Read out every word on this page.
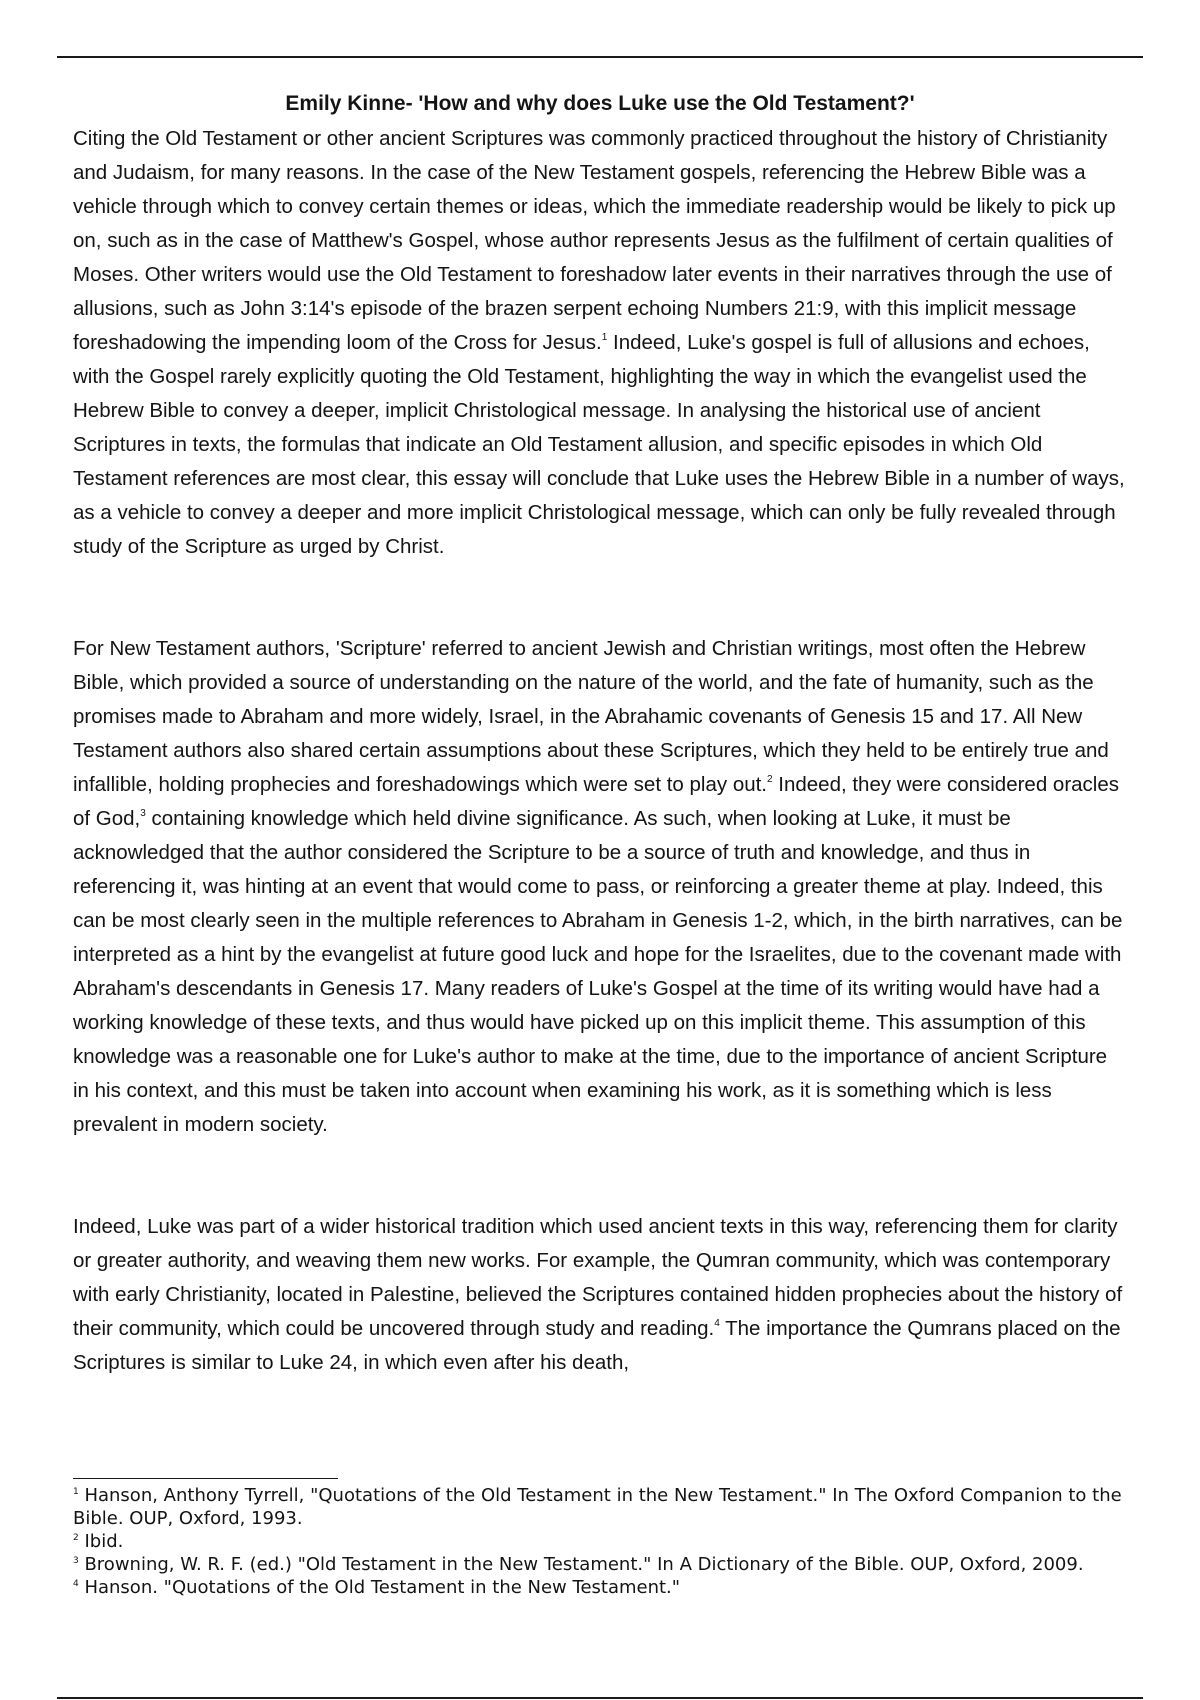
Emily Kinne- 'How and why does Luke use the Old Testament?'

Citing the Old Testament or other ancient Scriptures was commonly practiced throughout the history of Christianity and Judaism, for many reasons. In the case of the New Testament gospels, referencing the Hebrew Bible was a vehicle through which to convey certain themes or ideas, which the immediate readership would be likely to pick up on, such as in the case of Matthew's Gospel, whose author represents Jesus as the fulfilment of certain qualities of Moses. Other writers would use the Old Testament to foreshadow later events in their narratives through the use of allusions, such as John 3:14's episode of the brazen serpent echoing Numbers 21:9, with this implicit message foreshadowing the impending loom of the Cross for Jesus.$^1$ Indeed, Luke's gospel is full of allusions and echoes, with the Gospel rarely explicitly quoting the Old Testament, highlighting the way in which the evangelist used the Hebrew Bible to convey a deeper, implicit Christological message. In analysing the historical use of ancient Scriptures in texts, the formulas that indicate an Old Testament allusion, and specific episodes in which Old Testament references are most clear, this essay will conclude that Luke uses the Hebrew Bible in a number of ways, as a vehicle to convey a deeper and more implicit Christological message, which can only be fully revealed through study of the Scripture as urged by Christ.

For New Testament authors, 'Scripture' referred to ancient Jewish and Christian writings, most often the Hebrew Bible, which provided a source of understanding on the nature of the world, and the fate of humanity, such as the promises made to Abraham and more widely, Israel, in the Abrahamic covenants of Genesis 15 and 17. All New Testament authors also shared certain assumptions about these Scriptures, which they held to be entirely true and infallible, holding prophecies and foreshadowings which were set to play out.$^2$ Indeed, they were considered oracles of God,$^3$ containing knowledge which held divine significance. As such, when looking at Luke, it must be acknowledged that the author considered the Scripture to be a source of truth and knowledge, and thus in referencing it, was hinting at an event that would come to pass, or reinforcing a greater theme at play. Indeed, this can be most clearly seen in the multiple references to Abraham in Genesis 1-2, which, in the birth narratives, can be interpreted as a hint by the evangelist at future good luck and hope for the Israelites, due to the covenant made with Abraham's descendants in Genesis 17. Many readers of Luke's Gospel at the time of its writing would have had a working knowledge of these texts, and thus would have picked up on this implicit theme. This assumption of this knowledge was a reasonable one for Luke's author to make at the time, due to the importance of ancient Scripture in his context, and this must be taken into account when examining his work, as it is something which is less prevalent in modern society.

Indeed, Luke was part of a wider historical tradition which used ancient texts in this way, referencing them for clarity or greater authority, and weaving them new works. For example, the Qumran community, which was contemporary with early Christianity, located in Palestine, believed the Scriptures contained hidden prophecies about the history of their community, which could be uncovered through study and reading.$^4$ The importance the Qumrans placed on the Scriptures is similar to Luke 24, in which even after his death,

$^1$ Hanson, Anthony Tyrrell, "Quotations of the Old Testament in the New Testament." In The Oxford Companion to the Bible. OUP, Oxford, 1993.

$^2$ Ibid.

$^3$ Browning, W. R. F. (ed.) "Old Testament in the New Testament." In A Dictionary of the Bible. OUP, Oxford, 2009.

$^4$ Hanson. "Quotations of the Old Testament in the New Testament."
